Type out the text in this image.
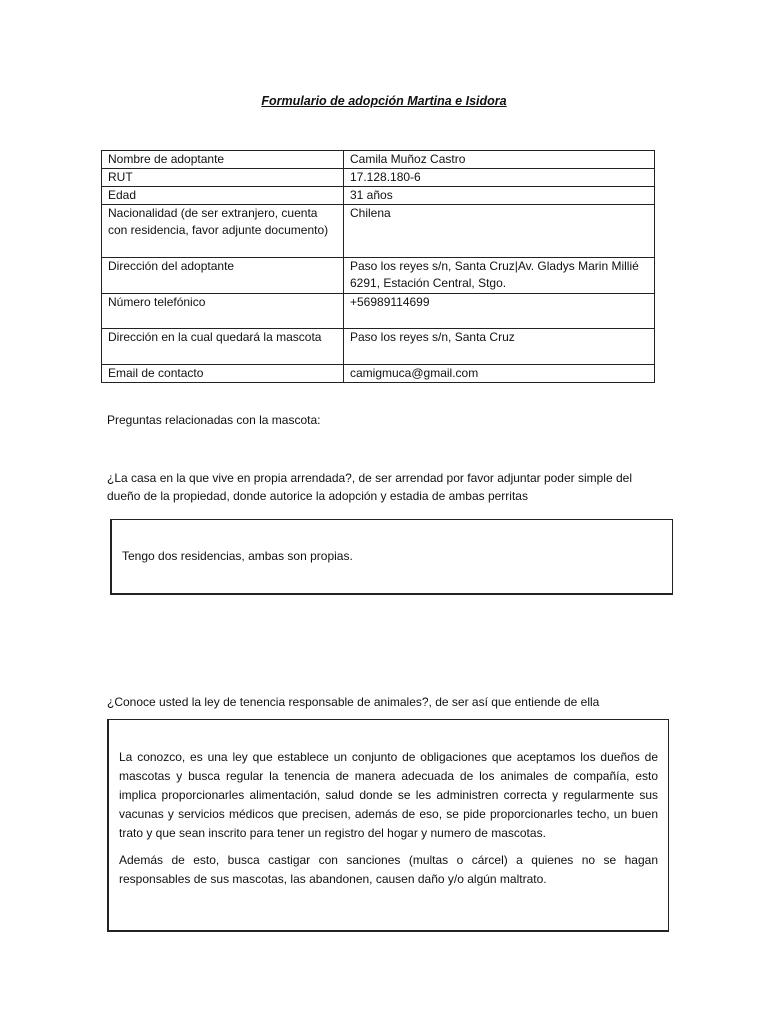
Formulario de adopción Martina e Isidora
Nombre de adoptante	Camila Muñoz Castro
RUT	17.128.180-6
Edad	31 años
Nacionalidad (de ser extranjero, cuenta con residencia, favor adjunte documento)	Chilena
Dirección del adoptante	Paso los reyes s/n, Santa Cruz|Av. Gladys Marin Millié 6291, Estación Central, Stgo.
Número telefónico	+56989114699
Dirección en la cual quedará la mascota	Paso los reyes s/n, Santa Cruz
Email de contacto	camigmuca@gmail.com
Preguntas relacionadas con la mascota:
¿La casa en la que vive en propia arrendada?, de ser arrendad por favor adjuntar poder simple del dueño de la propiedad, donde autorice la adopción y estadia de ambas perritas
Tengo dos residencias, ambas son propias.
¿Conoce usted la ley de tenencia responsable de animales?, de ser así que entiende de ella

La conozco, es una ley que establece un conjunto de obligaciones que aceptamos los dueños de mascotas y busca regular la tenencia de manera adecuada de los animales de compañía, esto implica proporcionarles alimentación, salud donde se les administren correcta y regularmente sus vacunas y servicios médicos que precisen, además de eso, se pide proporcionarles techo, un buen trato y que sean inscrito para tener un registro del hogar y numero de mascotas.

Además de esto, busca castigar con sanciones (multas o cárcel) a quienes no se hagan responsables de sus mascotas, las abandonen, causen daño y/o algún maltrato.
